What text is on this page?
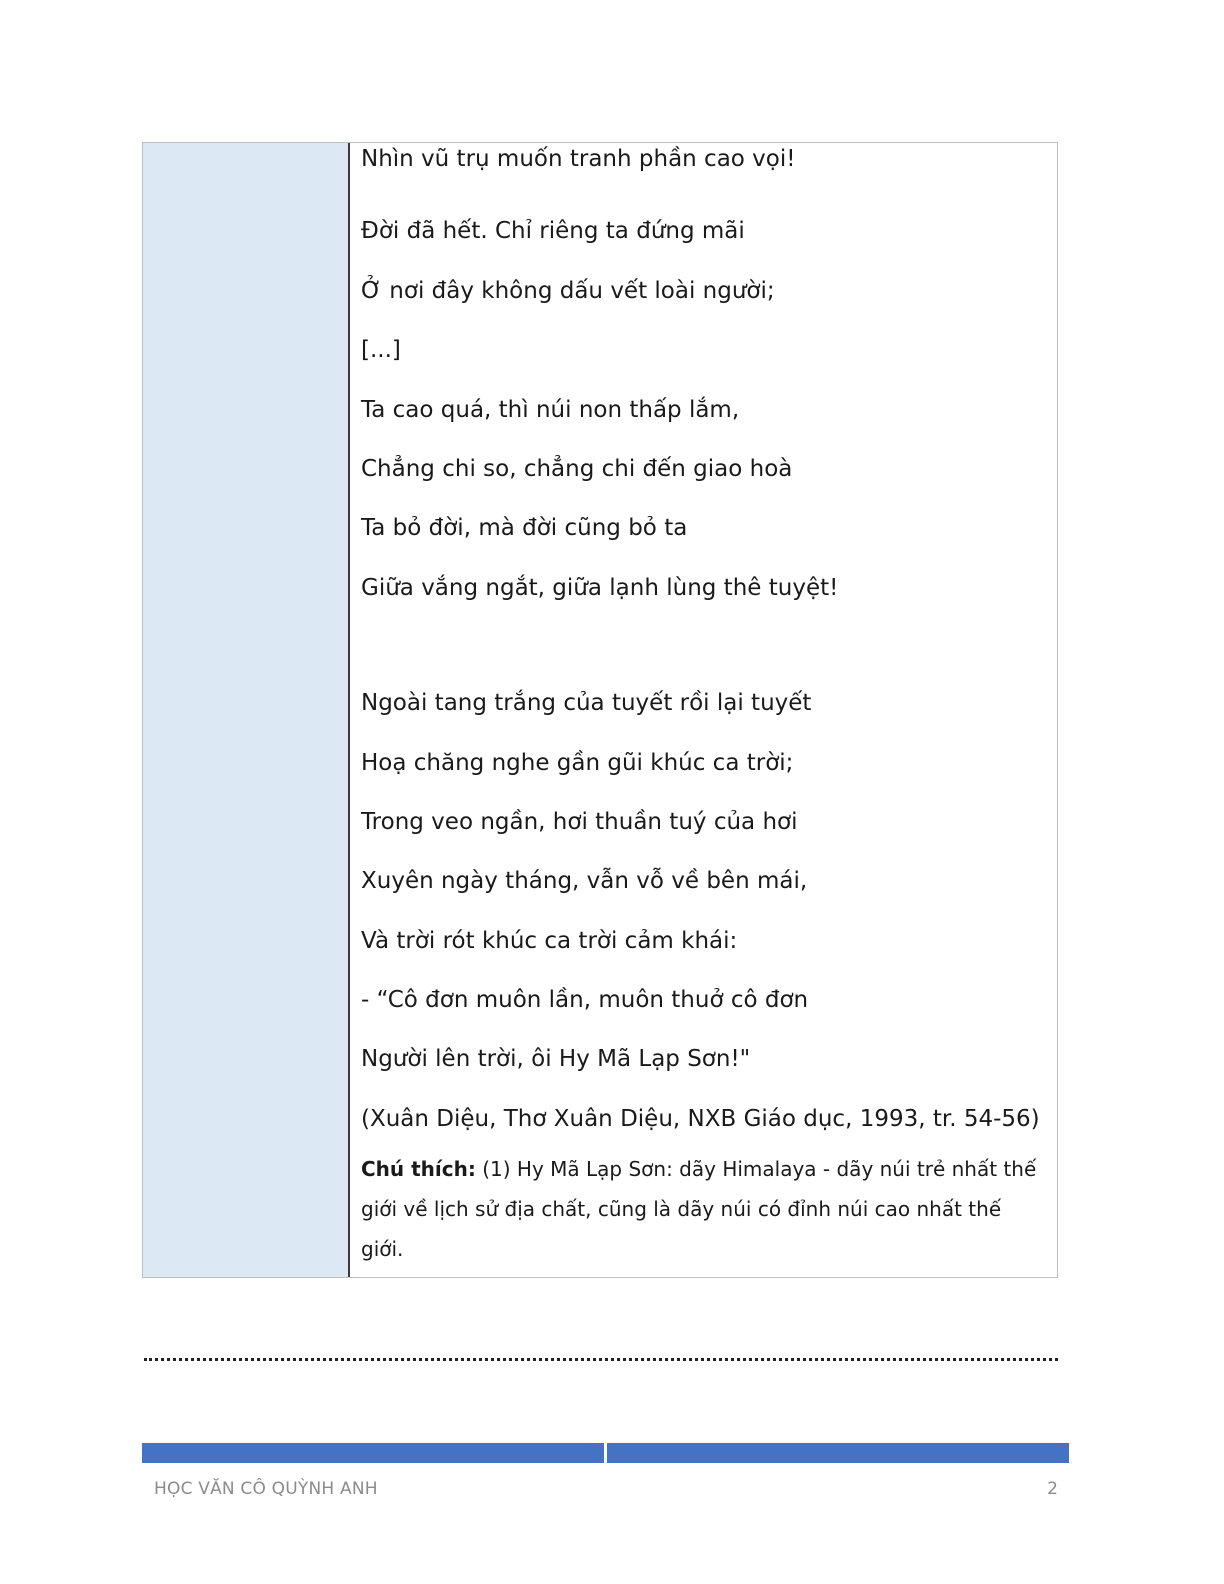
Nhìn vũ trụ muốn tranh phần cao vọi!

Đời đã hết. Chỉ riêng ta đứng mãi

Ở nơi đây không dấu vết loài người;

[...]

Ta cao quá, thì núi non thấp lắm,

Chẳng chi so, chẳng chi đến giao hoà

Ta bỏ đời, mà đời cũng bỏ ta

Giữa vắng ngắt, giữa lạnh lùng thê tuyệt!

Ngoài tang trắng của tuyết rồi lại tuyết

Hoạ chăng nghe gần gũi khúc ca trời;

Trong veo ngần, hơi thuần tuý của hơi

Xuyên ngày tháng, vẫn vỗ về bên mái,

Và trời rót khúc ca trời cảm khái:

- “Cô đơn muôn lần, muôn thuở cô đơn

Người lên trời, ôi Hy Mã Lạp Sơn!"

(Xuân Diệu, Thơ Xuân Diệu, NXB Giáo dục, 1993, tr. 54-56)

Chú thích: (1) Hy Mã Lạp Sơn: dãy Himalaya - dãy núi trẻ nhất thế giới về lịch sử địa chất, cũng là dãy núi có đỉnh núi cao nhất thế giới.
HỌC VĂN CÔ QUỲNH ANH	2
